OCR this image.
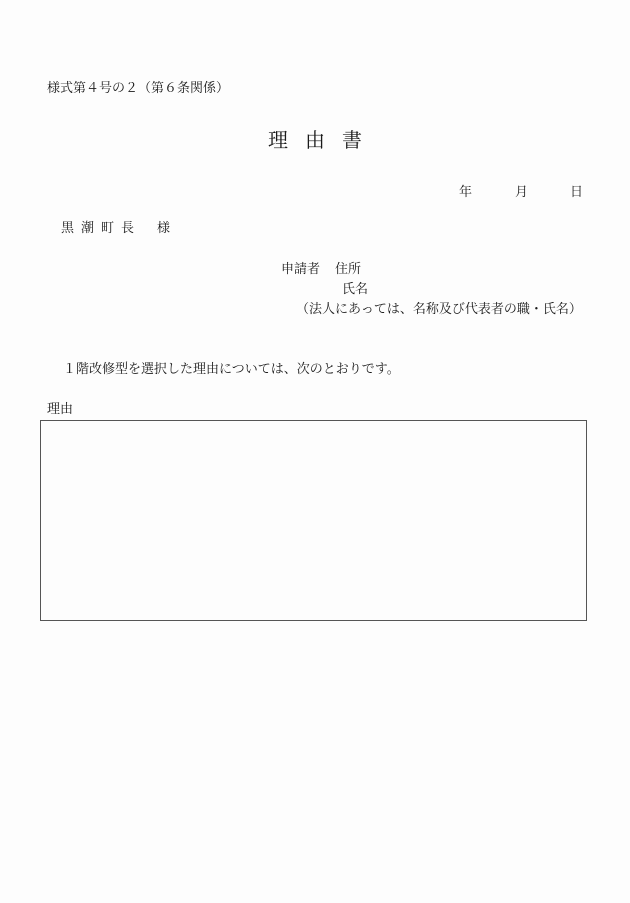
様式第４号の２（第６条関係）
理由書
年	月	日
黒潮町長 様
申請者 住所
氏名
（法人にあっては、名称及び代表者の職・氏名）
１階改修型を選択した理由については、次のとおりです。
理由
